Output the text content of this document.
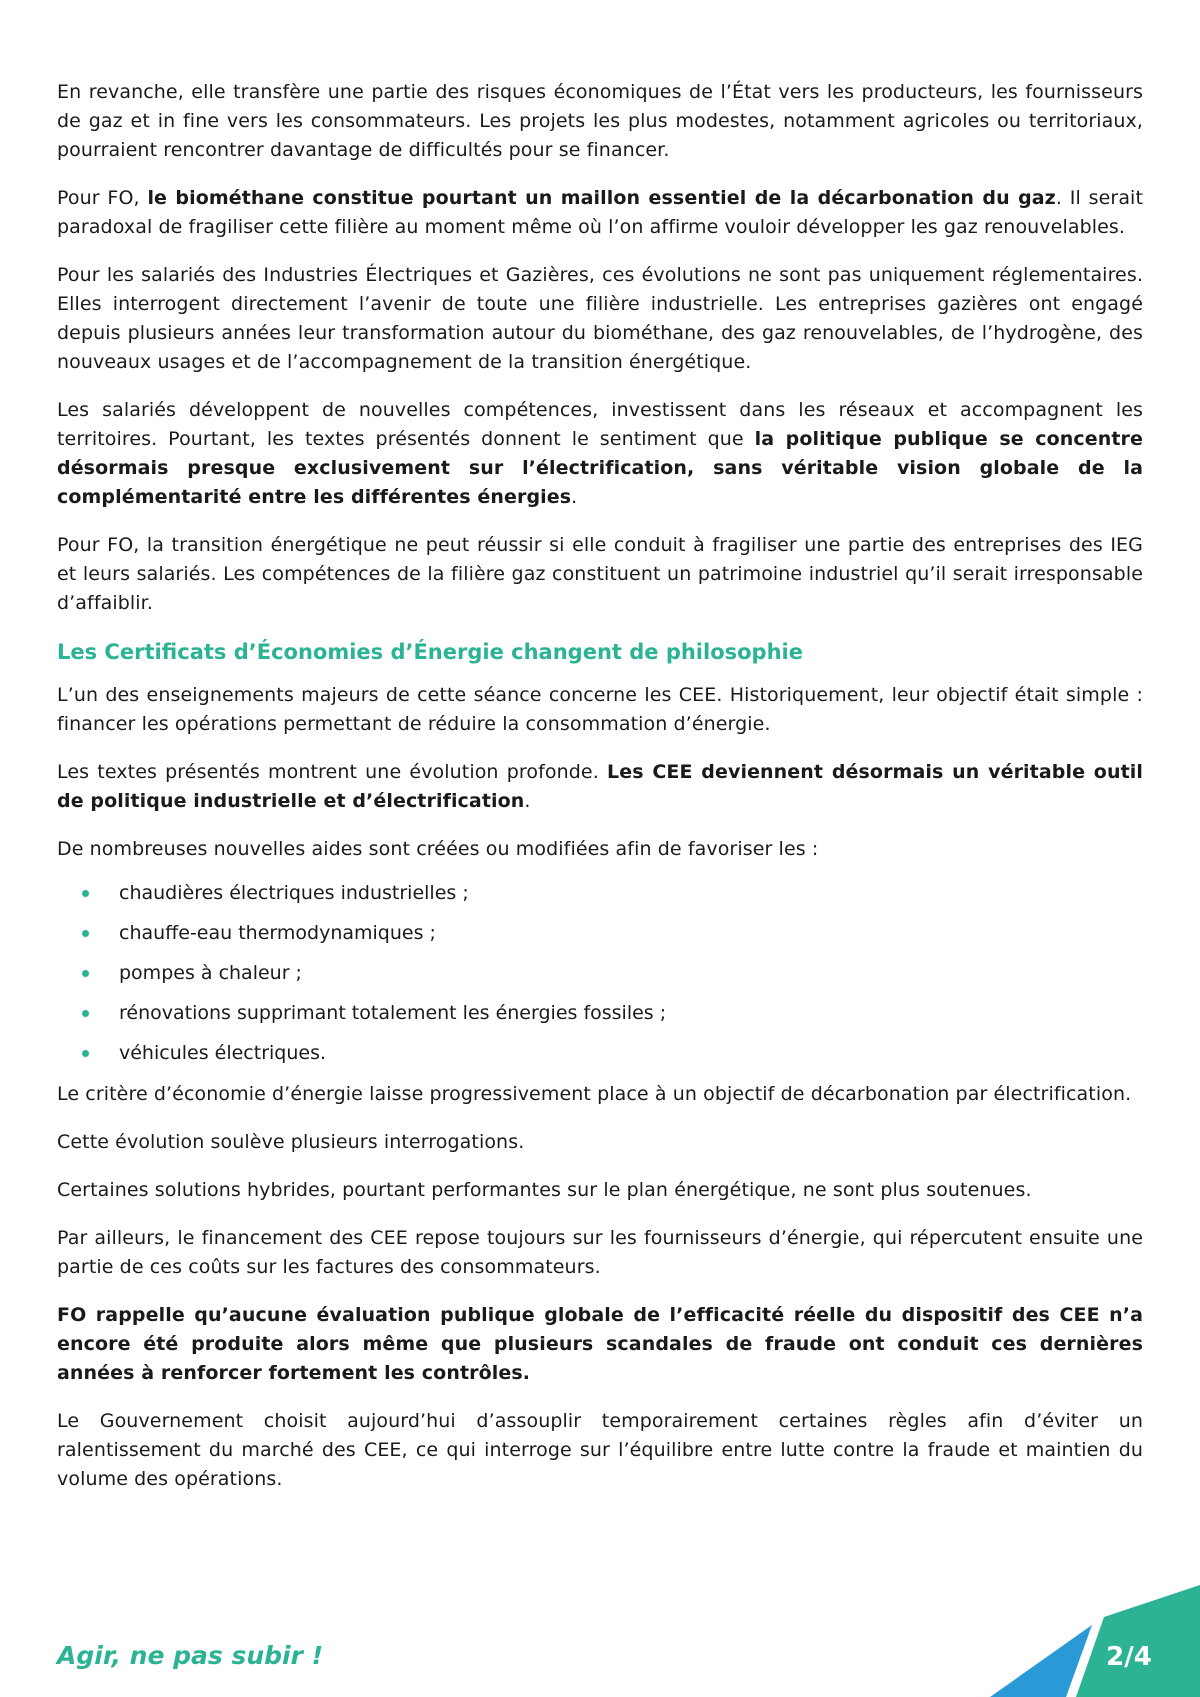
En revanche, elle transfère une partie des risques économiques de l’État vers les producteurs, les fournisseurs de gaz et in fine vers les consommateurs. Les projets les plus modestes, notamment agricoles ou territoriaux, pourraient rencontrer davantage de difficultés pour se financer.

Pour FO, le biométhane constitue pourtant un maillon essentiel de la décarbonation du gaz. Il serait paradoxal de fragiliser cette filière au moment même où l’on affirme vouloir développer les gaz renouvelables.

Pour les salariés des Industries Électriques et Gazières, ces évolutions ne sont pas uniquement réglementaires. Elles interrogent directement l’avenir de toute une filière industrielle. Les entreprises gazières ont engagé depuis plusieurs années leur transformation autour du biométhane, des gaz renouvelables, de l’hydrogène, des nouveaux usages et de l’accompagnement de la transition énergétique.

Les salariés développent de nouvelles compétences, investissent dans les réseaux et accompagnent les territoires. Pourtant, les textes présentés donnent le sentiment que la politique publique se concentre désormais presque exclusivement sur l’électrification, sans véritable vision globale de la complémentarité entre les différentes énergies.

Pour FO, la transition énergétique ne peut réussir si elle conduit à fragiliser une partie des entreprises des IEG et leurs salariés. Les compétences de la filière gaz constituent un patrimoine industriel qu’il serait irresponsable d’affaiblir.

Les Certificats d’Économies d’Énergie changent de philosophie

L’un des enseignements majeurs de cette séance concerne les CEE. Historiquement, leur objectif était simple : financer les opérations permettant de réduire la consommation d’énergie.

Les textes présentés montrent une évolution profonde. Les CEE deviennent désormais un véritable outil de politique industrielle et d’électrification.

De nombreuses nouvelles aides sont créées ou modifiées afin de favoriser les :

chaudières électriques industrielles ;
chauffe-eau thermodynamiques ;
pompes à chaleur ;
rénovations supprimant totalement les énergies fossiles ;
véhicules électriques.

Le critère d’économie d’énergie laisse progressivement place à un objectif de décarbonation par électrification.

Cette évolution soulève plusieurs interrogations.

Certaines solutions hybrides, pourtant performantes sur le plan énergétique, ne sont plus soutenues.

Par ailleurs, le financement des CEE repose toujours sur les fournisseurs d’énergie, qui répercutent ensuite une partie de ces coûts sur les factures des consommateurs.

FO rappelle qu’aucune évaluation publique globale de l’efficacité réelle du dispositif des CEE n’a encore été produite alors même que plusieurs scandales de fraude ont conduit ces dernières années à renforcer fortement les contrôles.

Le Gouvernement choisit aujourd’hui d’assouplir temporairement certaines règles afin d’éviter un ralentissement du marché des CEE, ce qui interroge sur l’équilibre entre lutte contre la fraude et maintien du volume des opérations.

Agir, ne pas subir !	2/4
